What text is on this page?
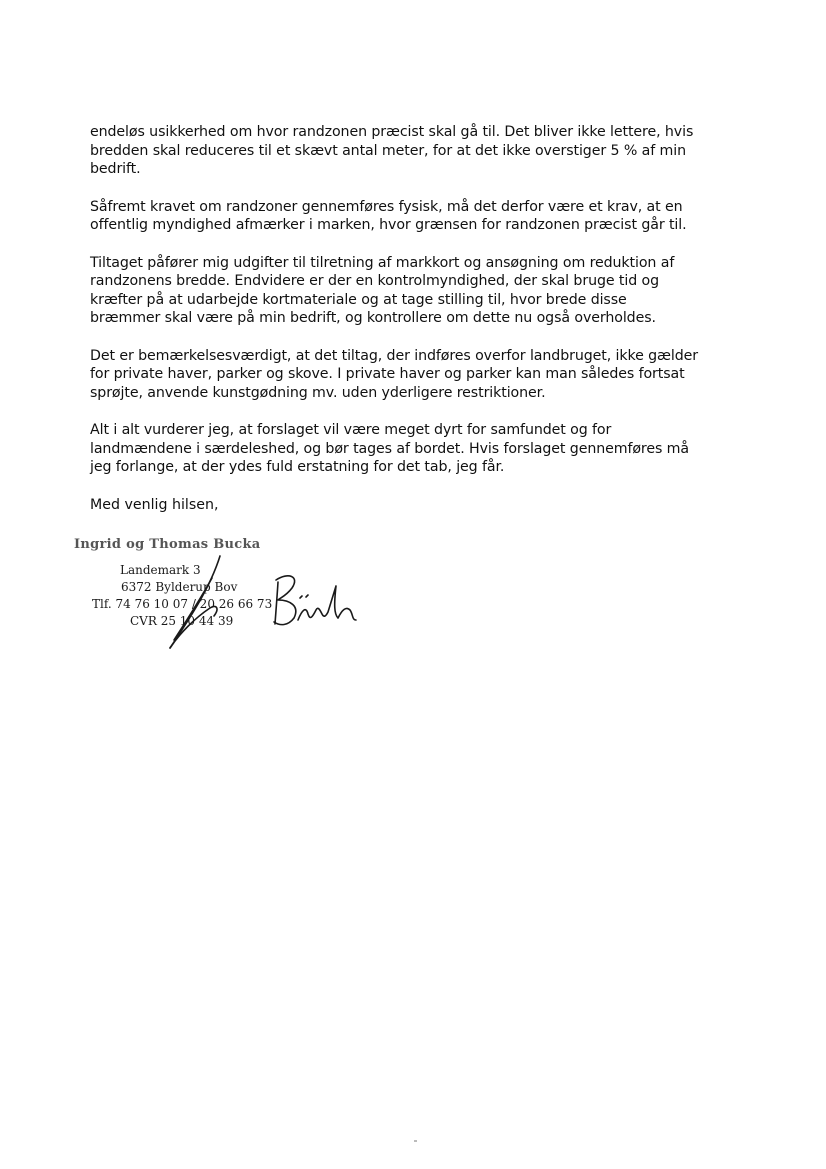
endeløs usikkerhed om hvor randzonen præcist skal gå til. Det bliver ikke lettere, hvis
bredden skal reduceres til et skævt antal meter, for at det ikke overstiger 5 % af min
bedrift.

Såfremt kravet om randzoner gennemføres fysisk, må det derfor være et krav, at en
offentlig myndighed afmærker i marken, hvor grænsen for randzonen præcist går til.

Tiltaget påfører mig udgifter til tilretning af markkort og ansøgning om reduktion af
randzonens bredde. Endvidere er der en kontrolmyndighed, der skal bruge tid og
kræfter på at udarbejde kortmateriale og at tage stilling til, hvor brede disse
bræmmer skal være på min bedrift, og kontrollere om dette nu også overholdes.

Det er bemærkelsesværdigt, at det tiltag, der indføres overfor landbruget, ikke gælder
for private haver, parker og skove. I private haver og parker kan man således fortsat
sprøjte, anvende kunstgødning mv. uden yderligere restriktioner.

Alt i alt vurderer jeg, at forslaget vil være meget dyrt for samfundet og for
landmændene i særdeleshed, og bør tages af bordet. Hvis forslaget gennemføres må
jeg forlange, at der ydes fuld erstatning for det tab, jeg får.

Med venlig hilsen,

Ingrid og Thomas Bucka
Landemark 3
6372 Bylderup Bov
Tlf. 74 76 10 07 / 20 26 66 73
CVR 25 10 44 39
